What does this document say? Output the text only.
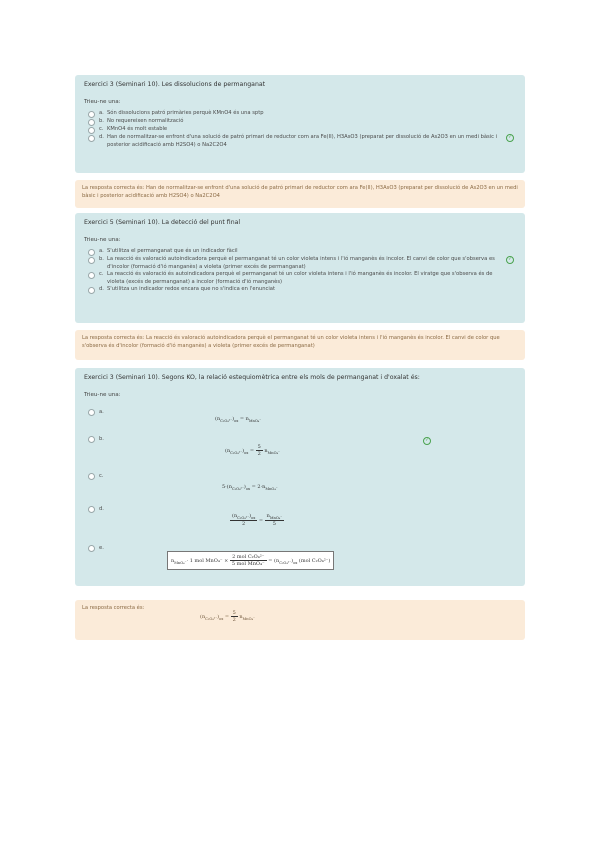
Exercici 3 (Seminari 10). Les dissolucions de permanganat
Trieu-ne una:
a. Són dissolucions patró primàries perquè KMnO4 és una sptp
b. No requereixen normalització
c. KMnO4 és molt estable
d. Han de normalitzar-se enfront d'una solució de patró primari de reductor com ara Fe(II), H3AsO3 (preparat per dissolució de As2O3 en un medi bàsic i posterior acidificació amb H2SO4) o Na2C2O4
✓
La resposta correcta és: Han de normalitzar-se enfront d'una solució de patró primari de reductor com ara Fe(II), H3AsO3 (preparat per dissolució de As2O3 en un medi bàsic i posterior acidificació amb H2SO4) o Na2C2O4
Exercici 5 (Seminari 10). La detecció del punt final
Trieu-ne una:
a. S'utilitza el permanganat que és un indicador fàcil
b. La reacció és valoració autoindicadora perquè el permanganat té un color violeta intens i l'ió manganès és incolor. El canvi de color que s'observa es d'incolor (formació d'ió manganès) a violeta (primer excés de permanganat)
✓
c. La reacció és valoració és autoindicadora perquè el permanganat té un color violeta intens i l'ió manganès és incolor. El viratge que s'observa és de violeta (excés de permanganat) a incolor (formació d'ió manganès)
d. S'utilitza un indicador redox encara que no s'indica en l'enunciat
La resposta correcta és: La reacció és valoració autoindicadora perquè el permanganat té un color violeta intens i l'ió manganès és incolor. El canvi de color que s'observa és d'incolor (formació d'ió manganès) a violeta (primer excés de permanganat)
Exercici 3 (Seminari 10). Segons KO, la relació estequiomètrica entre els mols de permanganat i d'oxalat és:
Trieu-ne una:
a.
$(n_{C_2O_4^{2-}})_{ox} = n_{MnO_4^-}$
b.	✓
$(n_{C_2O_4^{2-}})_{ox} = \frac{5}{2} n_{MnO_4^-}$
c.
$5\cdot(n_{C_2O_4^{2-}})_{ox} = 2\cdot n_{MnO_4^-}$
d.
$\frac{(n_{C_2O_4^{2-}})_{ox}}{2} = \frac{n_{MnO_4^-}}{5}$
e.
$n_{MnO_4^-}\cdot 1$ mol $MnO_4^- \times \frac{\text{2 mol C₂O₄²⁻}}{\text{5 mol MnO₄⁻}} = (n_{C_2O_4^{2-}})_{ox}$ (mol C₂O₄²⁻)
La resposta correcta és:
$(n_{C_2O_4^{2-}})_{ox} = \frac{5}{2} n_{MnO_4^-}$
